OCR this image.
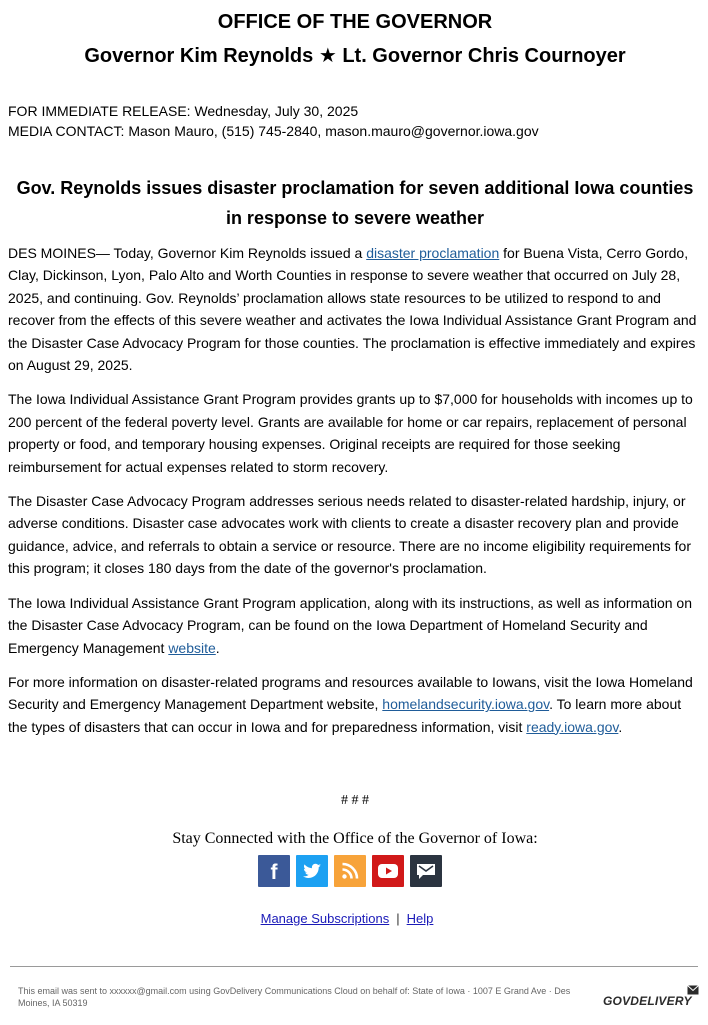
OFFICE OF THE GOVERNOR
Governor Kim Reynolds ★ Lt. Governor Chris Cournoyer
FOR IMMEDIATE RELEASE: Wednesday, July 30, 2025
MEDIA CONTACT: Mason Mauro, (515) 745-2840, mason.mauro@governor.iowa.gov
Gov. Reynolds issues disaster proclamation for seven additional Iowa counties in response to severe weather

DES MOINES— Today, Governor Kim Reynolds issued a disaster proclamation for Buena Vista, Cerro Gordo, Clay, Dickinson, Lyon, Palo Alto and Worth Counties in response to severe weather that occurred on July 28, 2025, and continuing. Gov. Reynolds’ proclamation allows state resources to be utilized to respond to and recover from the effects of this severe weather and activates the Iowa Individual Assistance Grant Program and the Disaster Case Advocacy Program for those counties. The proclamation is effective immediately and expires on August 29, 2025.

The Iowa Individual Assistance Grant Program provides grants up to $7,000 for households with incomes up to 200 percent of the federal poverty level. Grants are available for home or car repairs, replacement of personal property or food, and temporary housing expenses. Original receipts are required for those seeking reimbursement for actual expenses related to storm recovery.

The Disaster Case Advocacy Program addresses serious needs related to disaster-related hardship, injury, or adverse conditions. Disaster case advocates work with clients to create a disaster recovery plan and provide guidance, advice, and referrals to obtain a service or resource. There are no income eligibility requirements for this program; it closes 180 days from the date of the governor's proclamation.

The Iowa Individual Assistance Grant Program application, along with its instructions, as well as information on the Disaster Case Advocacy Program, can be found on the Iowa Department of Homeland Security and Emergency Management website.

For more information on disaster-related programs and resources available to Iowans, visit the Iowa Homeland Security and Emergency Management Department website, homelandsecurity.iowa.gov. To learn more about the types of disasters that can occur in Iowa and for preparedness information, visit ready.iowa.gov.

# # #
Stay Connected with the Office of the Governor of Iowa:
f
Manage Subscriptions | Help
This email was sent to xxxxxx@gmail.com using GovDelivery Communications Cloud on behalf of: State of Iowa · 1007 E Grand Ave · Des Moines, IA 50319	GOVDELIVERY
